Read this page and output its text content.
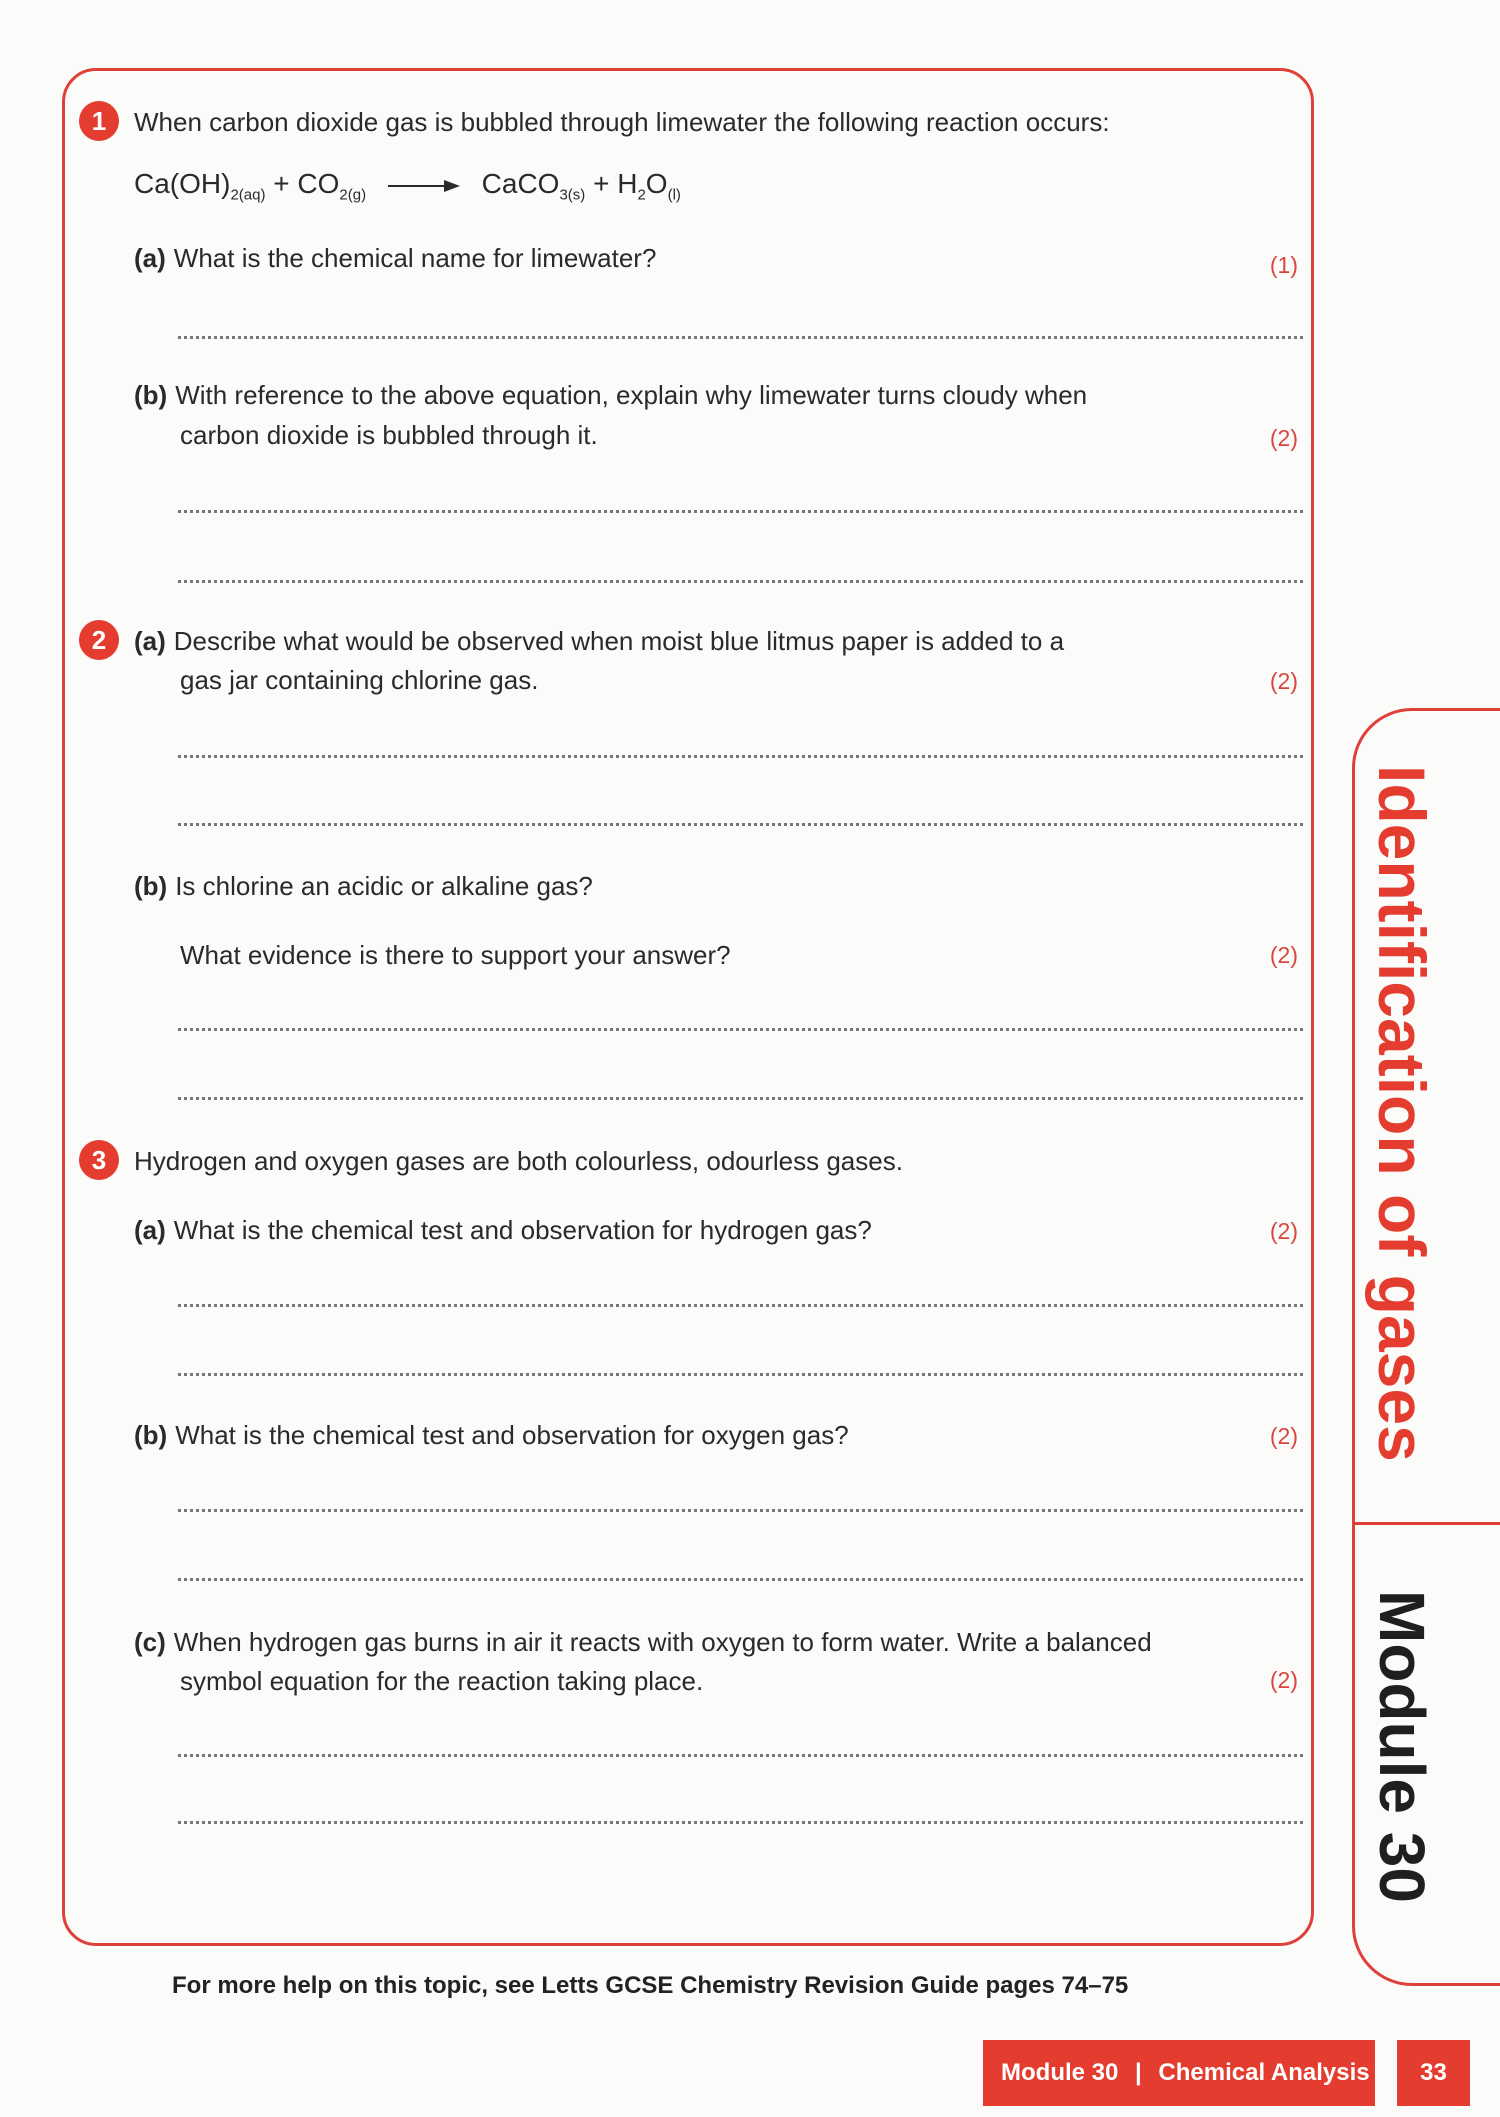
1	When carbon dioxide gas is bubbled through limewater the following reaction occurs:
$Ca(OH)_{2(aq)} + CO_{2(g)}$ → CaCO$_{3(s)}$ + $H_2O_{(l)}$
(a) What is the chemical name for limewater?	(1)
(b) With reference to the above equation, explain why limewater turns cloudy when
carbon dioxide is bubbled through it.	(2)
2	(a) Describe what would be observed when moist blue litmus paper is added to a
gas jar containing chlorine gas.	(2)
(b) Is chlorine an acidic or alkaline gas?
What evidence is there to support your answer?	(2)
3	Hydrogen and oxygen gases are both colourless, odourless gases.
(a) What is the chemical test and observation for hydrogen gas?	(2)
(b) What is the chemical test and observation for oxygen gas?	(2)
(c) When hydrogen gas burns in air it reacts with oxygen to form water. Write a balanced
symbol equation for the reaction taking place.	(2)
Identification of gases
Module 30
For more help on this topic, see Letts GCSE Chemistry Revision Guide pages 74–75
Module 30 | Chemical Analysis	33
